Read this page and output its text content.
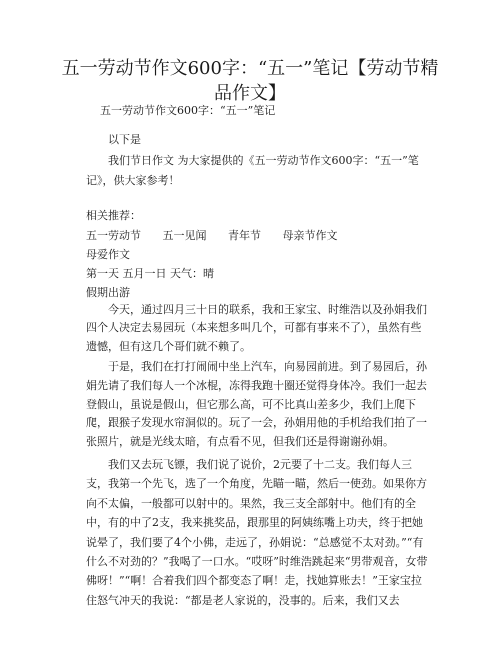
五一劳动节作文600字：“五一”笔记【劳动节精品作文】
五一劳动节作文600字：“五一”笔记
以下是
我们节日作文 为大家提供的《五一劳动节作文600字：“五一”笔记》，供大家参考！
相关推荐：
五一劳动节 五一见闻 青年节 母亲节作文
母爱作文
第一天 五月一日 天气：晴
假期出游
今天，通过四月三十日的联系，我和王家宝、时维浩以及孙娟我们四个人决定去易园玩（本来想多叫几个，可都有事来不了），虽然有些遗憾，但有这几个哥们就不赖了。
于是，我们在打打闹闹中坐上汽车，向易园前进。到了易园后，孙娟先请了我们每人一个冰棍，冻得我跑十圈还觉得身体冷。我们一起去登假山，虽说是假山，但它那么高，可不比真山差多少，我们上爬下爬，跟猴子发现水帘洞似的。玩了一会，孙娟用他的手机给我们拍了一张照片，就是光线太暗，有点看不见，但我们还是得谢谢孙娟。
我们又去玩飞镖，我们说了说价，2元要了十二支。我们每人三支，我第一个先飞，选了一个角度，先瞄一瞄，然后一使劲。如果你方向不太偏，一般都可以射中的。果然，我三支全部射中。他们有的全中，有的中了2支，我来挑奖品，跟那里的阿姨练嘴上功夫，终于把她说晕了，我们要了4个小佛，走远了，孙娟说：“总感觉不太对劲。”“有什么不对劲的？”我喝了一口水。“哎呀”时维浩跳起来“男带观音，女带佛呀！”“啊！合着我们四个都变态了啊！走，找她算账去！”王家宝拉住怒气冲天的我说：“都是老人家说的，没事的。后来，我们又去
